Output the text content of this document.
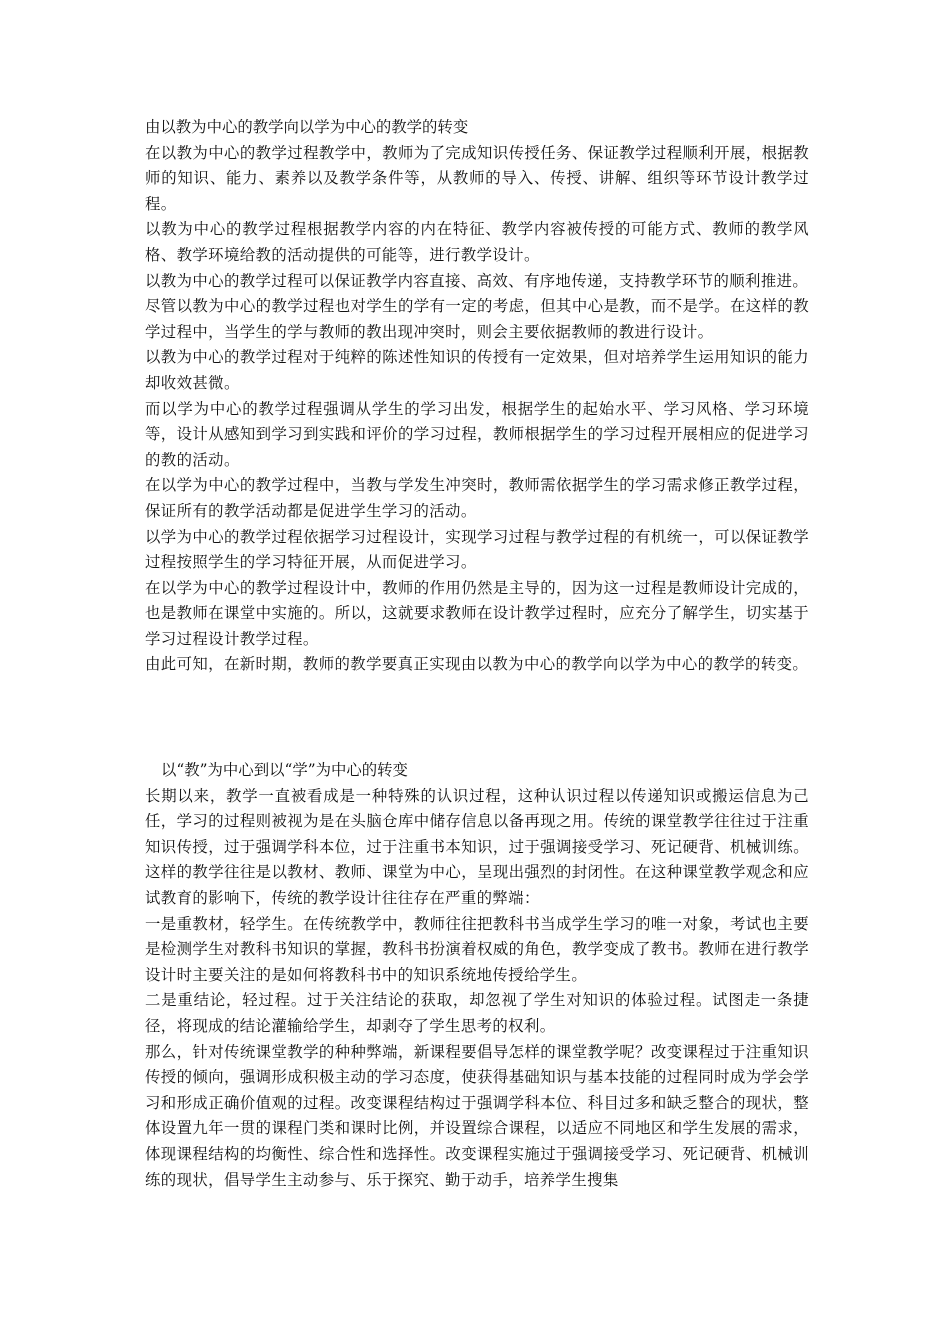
由以教为中心的教学向以学为中心的教学的转变

在以教为中心的教学过程教学中，教师为了完成知识传授任务、保证教学过程顺利开展，根据教师的知识、能力、素养以及教学条件等，从教师的导入、传授、讲解、组织等环节设计教学过程。

以教为中心的教学过程根据教学内容的内在特征、教学内容被传授的可能方式、教师的教学风格、教学环境给教的活动提供的可能等，进行教学设计。

以教为中心的教学过程可以保证教学内容直接、高效、有序地传递，支持教学环节的顺利推进。

尽管以教为中心的教学过程也对学生的学有一定的考虑，但其中心是教，而不是学。在这样的教学过程中，当学生的学与教师的教出现冲突时，则会主要依据教师的教进行设计。

以教为中心的教学过程对于纯粹的陈述性知识的传授有一定效果，但对培养学生运用知识的能力却收效甚微。

而以学为中心的教学过程强调从学生的学习出发，根据学生的起始水平、学习风格、学习环境等，设计从感知到学习到实践和评价的学习过程，教师根据学生的学习过程开展相应的促进学习的教的活动。

在以学为中心的教学过程中，当教与学发生冲突时，教师需依据学生的学习需求修正教学过程，保证所有的教学活动都是促进学生学习的活动。

以学为中心的教学过程依据学习过程设计，实现学习过程与教学过程的有机统一，可以保证教学过程按照学生的学习特征开展，从而促进学习。

在以学为中心的教学过程设计中，教师的作用仍然是主导的，因为这一过程是教师设计完成的，也是教师在课堂中实施的。所以，这就要求教师在设计教学过程时，应充分了解学生，切实基于学习过程设计教学过程。

由此可知，在新时期，教师的教学要真正实现由以教为中心的教学向以学为中心的教学的转变。

以“教”为中心到以“学”为中心的转变

长期以来，教学一直被看成是一种特殊的认识过程，这种认识过程以传递知识或搬运信息为己任，学习的过程则被视为是在头脑仓库中储存信息以备再现之用。传统的课堂教学往往过于注重知识传授，过于强调学科本位，过于注重书本知识，过于强调接受学习、死记硬背、机械训练。这样的教学往往是以教材、教师、课堂为中心，呈现出强烈的封闭性。在这种课堂教学观念和应试教育的影响下，传统的教学设计往往存在严重的弊端：

一是重教材，轻学生。在传统教学中，教师往往把教科书当成学生学习的唯一对象，考试也主要是检测学生对教科书知识的掌握，教科书扮演着权威的角色，教学变成了教书。教师在进行教学设计时主要关注的是如何将教科书中的知识系统地传授给学生。

二是重结论，轻过程。过于关注结论的获取，却忽视了学生对知识的体验过程。试图走一条捷径，将现成的结论灌输给学生，却剥夺了学生思考的权利。

那么，针对传统课堂教学的种种弊端，新课程要倡导怎样的课堂教学呢？改变课程过于注重知识传授的倾向，强调形成积极主动的学习态度，使获得基础知识与基本技能的过程同时成为学会学习和形成正确价值观的过程。改变课程结构过于强调学科本位、科目过多和缺乏整合的现状，整体设置九年一贯的课程门类和课时比例，并设置综合课程，以适应不同地区和学生发展的需求，体现课程结构的均衡性、综合性和选择性。改变课程实施过于强调接受学习、死记硬背、机械训练的现状，倡导学生主动参与、乐于探究、勤于动手，培养学生搜集
